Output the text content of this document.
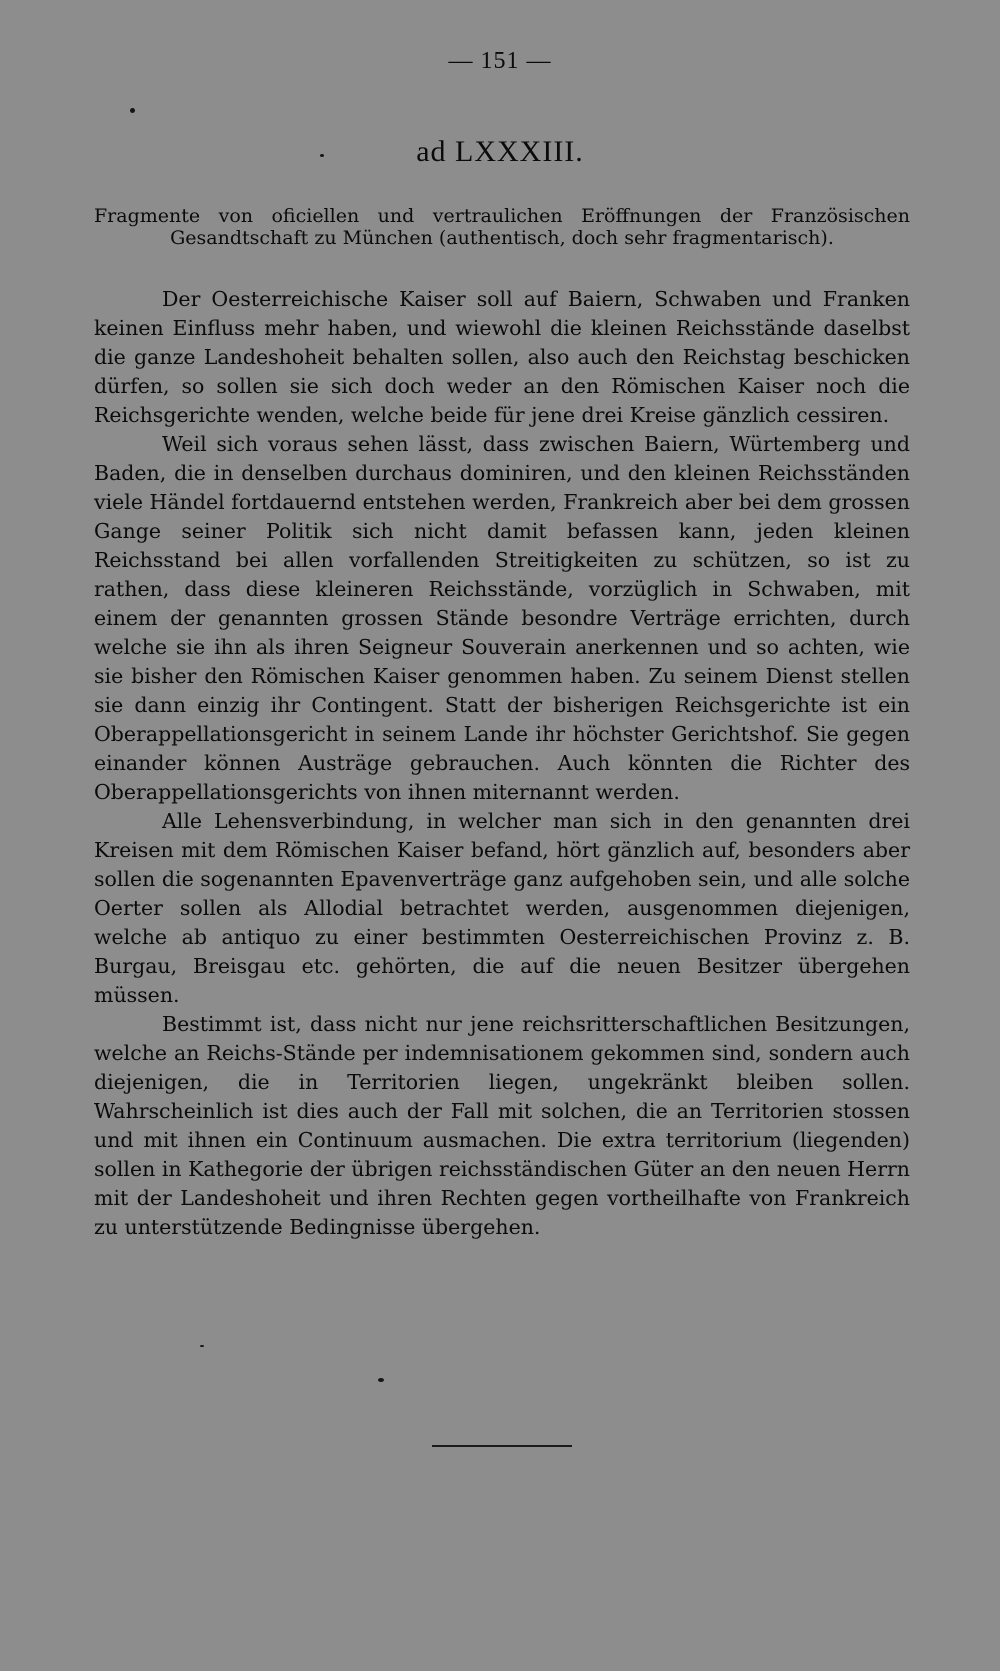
— 151 —
ad LXXXIII.
Fragmente von oficiellen und vertraulichen Eröffnungen der Französischen Gesandtschaft zu München (authentisch, doch sehr fragmentarisch).

Der Oesterreichische Kaiser soll auf Baiern, Schwaben und Franken keinen Einfluss mehr haben, und wiewohl die kleinen Reichsstände daselbst die ganze Landeshoheit behalten sollen, also auch den Reichstag beschicken dürfen, so sollen sie sich doch weder an den Römischen Kaiser noch die Reichsgerichte wenden, welche beide für jene drei Kreise gänzlich cessiren.

Weil sich voraus sehen lässt, dass zwischen Baiern, Würtemberg und Baden, die in denselben durchaus dominiren, und den kleinen Reichsständen viele Händel fortdauernd entstehen werden, Frankreich aber bei dem grossen Gange seiner Politik sich nicht damit befassen kann, jeden kleinen Reichsstand bei allen vorfallenden Streitigkeiten zu schützen, so ist zu rathen, dass diese kleineren Reichsstände, vorzüglich in Schwaben, mit einem der genannten grossen Stände besondre Verträge errichten, durch welche sie ihn als ihren Seigneur Souverain anerkennen und so achten, wie sie bisher den Römischen Kaiser genommen haben. Zu seinem Dienst stellen sie dann einzig ihr Contingent. Statt der bisherigen Reichsgerichte ist ein Oberappellationsgericht in seinem Lande ihr höchster Gerichtshof. Sie gegen einander können Austräge gebrauchen. Auch könnten die Richter des Oberappellationsgerichts von ihnen miternannt werden.

Alle Lehensverbindung, in welcher man sich in den genannten drei Kreisen mit dem Römischen Kaiser befand, hört gänzlich auf, besonders aber sollen die sogenannten Epavenverträge ganz aufgehoben sein, und alle solche Oerter sollen als Allodial betrachtet werden, ausgenommen diejenigen, welche ab antiquo zu einer bestimmten Oesterreichischen Provinz z. B. Burgau, Breisgau etc. gehörten, die auf die neuen Besitzer übergehen müssen.

Bestimmt ist, dass nicht nur jene reichsritterschaftlichen Besitzungen, welche an Reichs-Stände per indemnisationem gekommen sind, sondern auch diejenigen, die in Territorien liegen, ungekränkt bleiben sollen. Wahrscheinlich ist dies auch der Fall mit solchen, die an Territorien stossen und mit ihnen ein Continuum ausmachen. Die extra territorium (liegenden) sollen in Kathegorie der übrigen reichsständischen Güter an den neuen Herrn mit der Landeshoheit und ihren Rechten gegen vortheilhafte von Frankreich zu unterstützende Bedingnisse übergehen.
